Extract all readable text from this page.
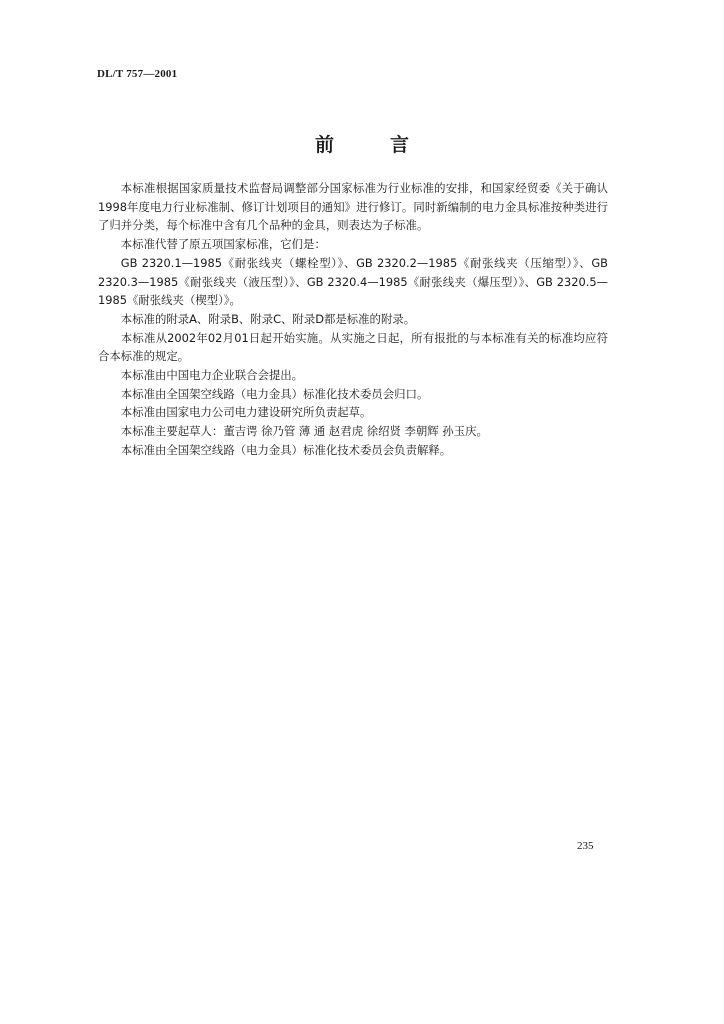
DL/T 757—2001
前言

本标准根据国家质量技术监督局调整部分国家标准为行业标准的安排，和国家经贸委《关于确认1998年度电力行业标准制、修订计划项目的通知》进行修订。同时新编制的电力金具标准按种类进行了归并分类，每个标准中含有几个品种的金具，则表达为子标准。

本标准代替了原五项国家标准，它们是：

GB 2320.1—1985《耐张线夹（螺栓型）》、GB 2320.2—1985《耐张线夹（压缩型）》、GB 2320.3—1985《耐张线夹（液压型）》、GB 2320.4—1985《耐张线夹（爆压型）》、GB 2320.5—1985《耐张线夹（楔型）》。

本标准的附录A、附录B、附录C、附录D都是标准的附录。

本标准从2002年02月01日起开始实施。从实施之日起，所有报批的与本标准有关的标准均应符合本标准的规定。

本标准由中国电力企业联合会提出。

本标准由全国架空线路（电力金具）标准化技术委员会归口。

本标准由国家电力公司电力建设研究所负责起草。

本标准主要起草人：董吉谔 徐乃管 薄 通 赵君虎 徐绍贤 李朝辉 孙玉庆。

本标准由全国架空线路（电力金具）标准化技术委员会负责解释。

235
